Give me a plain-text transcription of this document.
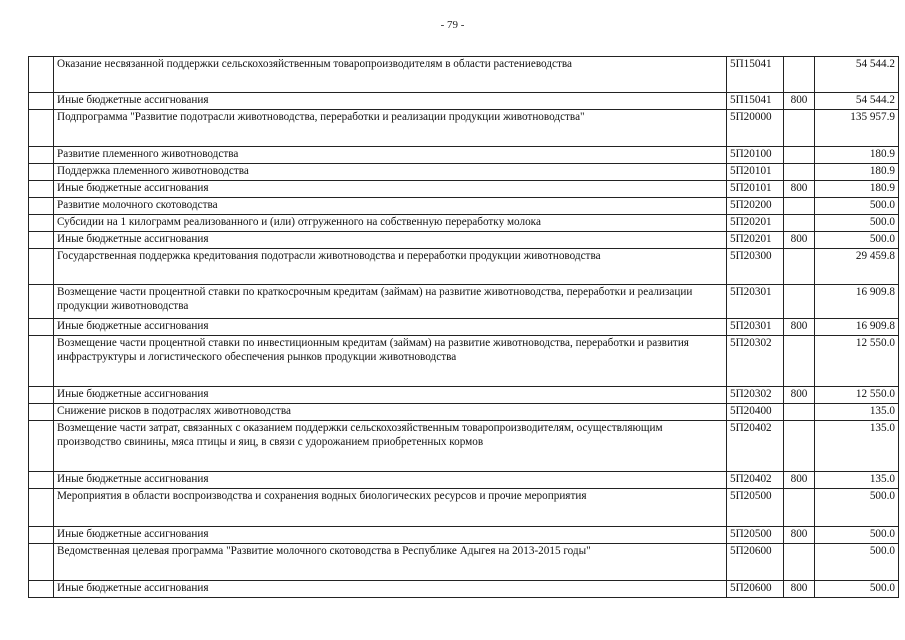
- 79 -
	Оказание несвязанной поддержки сельскохозяйственным товаропроизводителям в области растениеводства	5П15041		54 544.2
	Иные бюджетные ассигнования	5П15041	800	54 544.2
	Подпрограмма "Развитие подотрасли животноводства, переработки и реализации продукции животноводства"	5П20000		135 957.9
	Развитие племенного животноводства	5П20100		180.9
	Поддержка племенного животноводства	5П20101		180.9
	Иные бюджетные ассигнования	5П20101	800	180.9
	Развитие молочного скотоводства	5П20200		500.0
	Субсидии на 1 килограмм реализованного и (или) отгруженного на собственную переработку молока	5П20201		500.0
	Иные бюджетные ассигнования	5П20201	800	500.0
	Государственная поддержка кредитования подотрасли животноводства и переработки продукции животноводства	5П20300		29 459.8
	Возмещение части процентной ставки по краткосрочным кредитам (займам) на развитие животноводства, переработки и реализации продукции животноводства	5П20301		16 909.8
	Иные бюджетные ассигнования	5П20301	800	16 909.8
	Возмещение части процентной ставки по инвестиционным кредитам (займам) на развитие животноводства, переработки и развития инфраструктуры и логистического обеспечения рынков продукции животноводства	5П20302		12 550.0
	Иные бюджетные ассигнования	5П20302	800	12 550.0
	Снижение рисков в подотраслях животноводства	5П20400		135.0
	Возмещение части затрат, связанных с оказанием поддержки сельскохозяйственным товаропроизводителям, осуществляющим производство свинины, мяса птицы и яиц, в связи с удорожанием приобретенных кормов	5П20402		135.0
	Иные бюджетные ассигнования	5П20402	800	135.0
	Мероприятия в области воспроизводства и сохранения водных биологических ресурсов и прочие мероприятия	5П20500		500.0
	Иные бюджетные ассигнования	5П20500	800	500.0
	Ведомственная целевая программа "Развитие молочного скотоводства в Республике Адыгея на 2013-2015 годы"	5П20600		500.0
	Иные бюджетные ассигнования	5П20600	800	500.0
